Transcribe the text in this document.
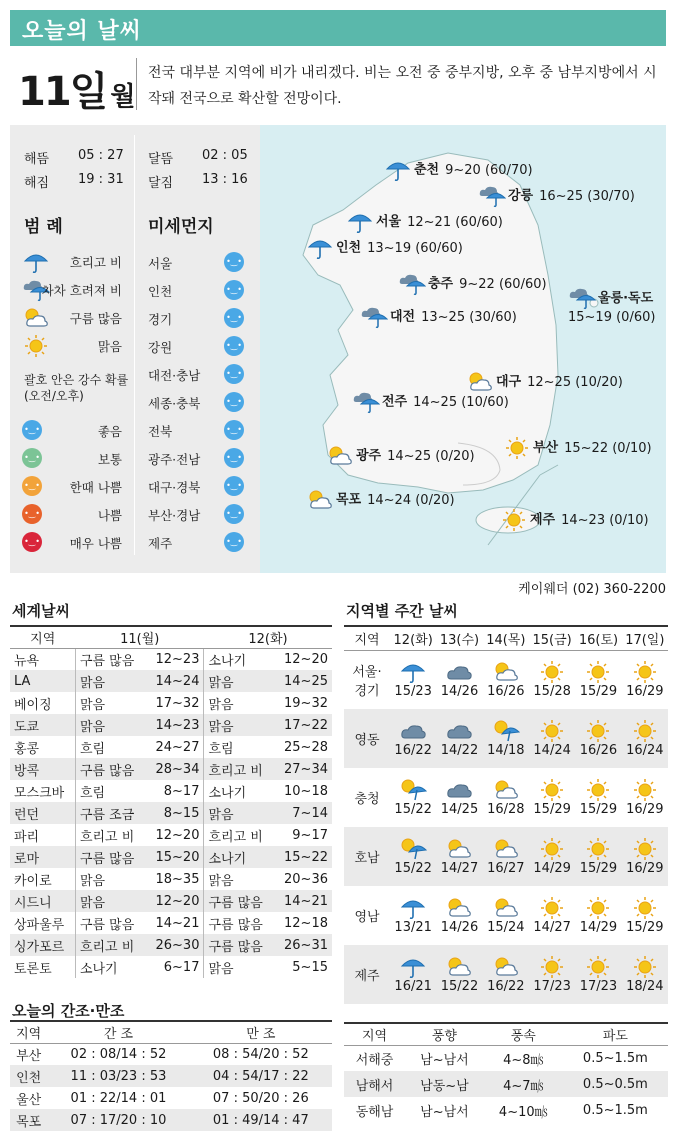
오늘의 날씨
11일 월
전국 대부분 지역에 비가 내리겠다. 비는 오전 중 중부지방, 오후 중 남부지방에서 시작돼 전국으로 확산할 전망이다.
해뜸 05 : 27
해짐 19 : 31
달뜸 02 : 05
달짐 13 : 16
범 례	미세먼지
흐리고 비
차차 흐려져 비
구름 많음
맑음
괄호 안은 강수 확률
(오전/오후)
•‿•	좋음
•‿•	보통
•‿• 한때 나쁨
•‿•	나쁨
•‿• 매우 나쁨
서울	•‿•
인천	•‿•
경기	•‿•
강원	•‿•
대전·충남	•‿•
세종·충북	•‿•
전북	•‿•
광주·전남	•‿•
대구·경북	•‿•
부산·경남	•‿•
제주	•‿•
춘천 9~20 (60/70)
강릉 16~25 (30/70)
서울 12~21 (60/60)
인천 13~19 (60/60)
충주 9~22 (60/60)
울릉·독도
15~19 (0/60)
대전 13~25 (30/60)
대구 12~25 (10/20)
전주 14~25 (10/60)
부산 15~22 (0/10)
광주 14~25 (0/20)
목포 14~24 (0/20)
제주 14~23 (0/10)
케이웨더 (02) 360-2200
세계날씨
지역	11(월)		12(화)	
뉴욕	구름 많음	12~23	소나기	12~20
LA	맑음	14~24	맑음	14~25
베이징	맑음	17~32	맑음	19~32
도쿄	맑음	14~23	맑음	17~22
홍콩	흐림	24~27	흐림	25~28
방콕	구름 많음	28~34	흐리고 비	27~34
모스크바	흐림	8~17	소나기	10~18
런던	구름 조금	8~15	맑음	7~14
파리	흐리고 비	12~20	흐리고 비	9~17
로마	구름 많음	15~20	소나기	15~22
카이로	맑음	18~35	맑음	20~36
시드니	맑음	12~20	구름 많음	14~21
상파울루	구름 많음	14~21	구름 많음	12~18
싱가포르	흐리고 비	26~30	구름 많음	26~31
토론토	소나기	6~17	맑음	5~15
지역별 주간 날씨
지역	12(화)	13(수)	14(목)	15(금)	16(토)	17(일)
서울·
경기	15/23	14/26	16/26	15/28	15/29	16/29

영동	16/22	14/22	14/18	14/24	16/26	16/24

충청	15/22	14/25	16/28	15/29	15/29	16/29

호남	15/22	14/27	16/27	14/29	15/29	16/29

영남	13/21	14/26	15/24	14/27	14/29	15/29

제주	16/21	15/22	16/22	17/23	17/23	18/24
오늘의 간조·만조
지역	간 조	만 조
부산	02 : 08/14 : 52	08 : 54/20 : 52
인천	11 : 03/23 : 53	04 : 54/17 : 22
울산	01 : 22/14 : 01	07 : 50/20 : 26
목포	07 : 17/20 : 10	01 : 49/14 : 47
지역	풍향	풍속	파도
서해중	남~남서	4~8㎧	0.5~1.5m
남해서	남동~남	4~7㎧	0.5~0.5m
동해남	남~남서	4~10㎧	0.5~1.5m
